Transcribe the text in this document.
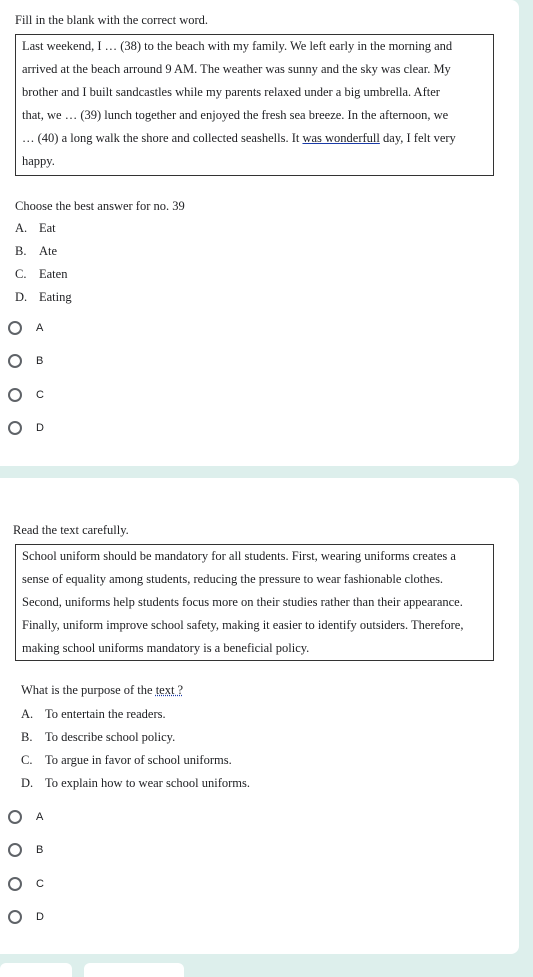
Fill in the blank with the correct word.
Last weekend, I … (38) to the beach with my family. We left early in the morning and
arrived at the beach arround 9 AM. The weather was sunny and the sky was clear. My
brother and I built sandcastles while my parents relaxed under a big umbrella. After
that, we … (39) lunch together and enjoyed the fresh sea breeze. In the afternoon, we
… (40) a long walk the shore and collected seashells. It was wonderfull day, I felt very
happy.
Choose the best answer for no. 39
A. Eat
B. Ate
C. Eaten
D. Eating
A
B
C
D
Read the text carefully.
School uniform should be mandatory for all students. First, wearing uniforms creates a
sense of equality among students, reducing the pressure to wear fashionable clothes.
Second, uniforms help students focus more on their studies rather than their appearance.
Finally, uniform improve school safety, making it easier to identify outsiders. Therefore,
making school uniforms mandatory is a beneficial policy.
What is the purpose of the text ?
A. To entertain the readers.
B. To describe school policy.
C. To argue in favor of school uniforms.
D. To explain how to wear school uniforms.
A
B
C
D
